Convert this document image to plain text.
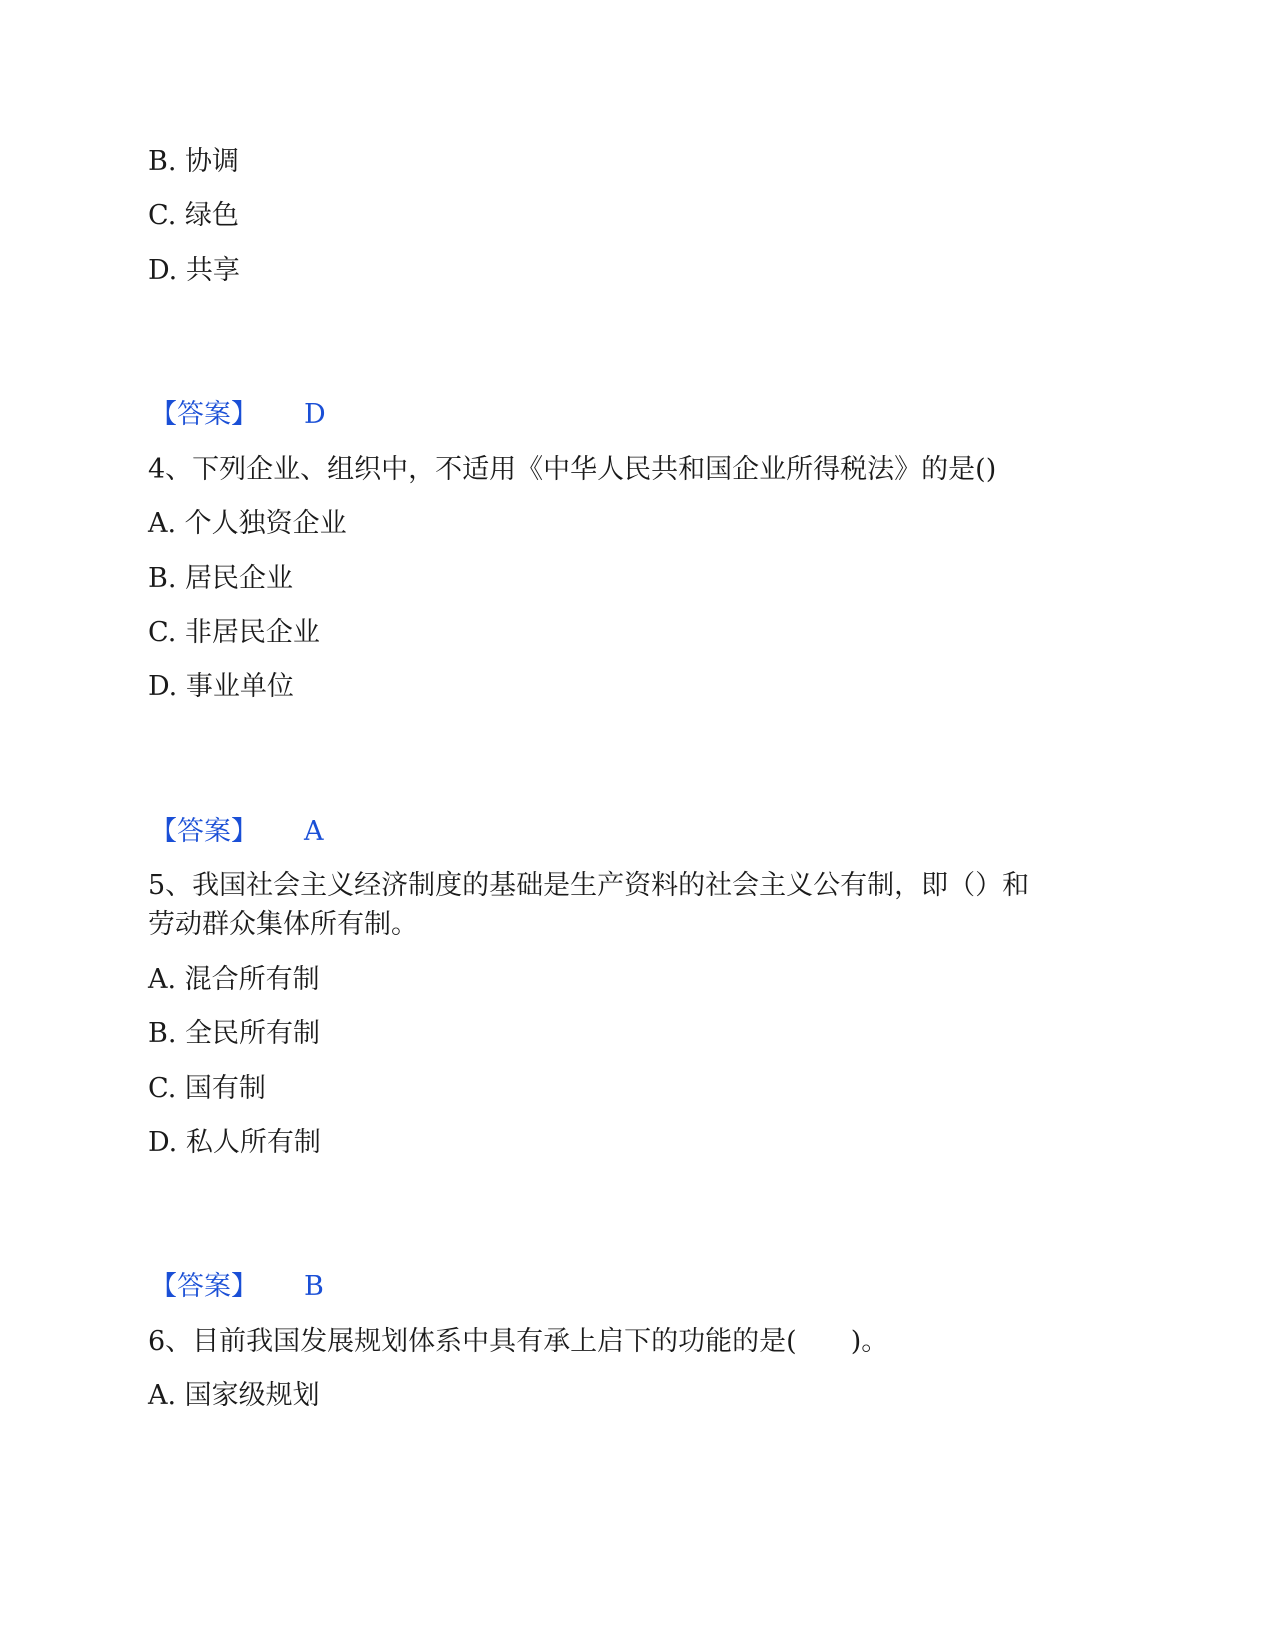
B. 协调
C. 绿色
D. 共享
【答案】 D
4、下列企业、组织中，不适用《中华人民共和国企业所得税法》的是()
A. 个人独资企业
B. 居民企业
C. 非居民企业
D. 事业单位
【答案】 A
5、我国社会主义经济制度的基础是生产资料的社会主义公有制，即（）和
劳动群众集体所有制。
A. 混合所有制
B. 全民所有制
C. 国有制
D. 私人所有制
【答案】 B
6、目前我国发展规划体系中具有承上启下的功能的是(　　)。
A. 国家级规划
